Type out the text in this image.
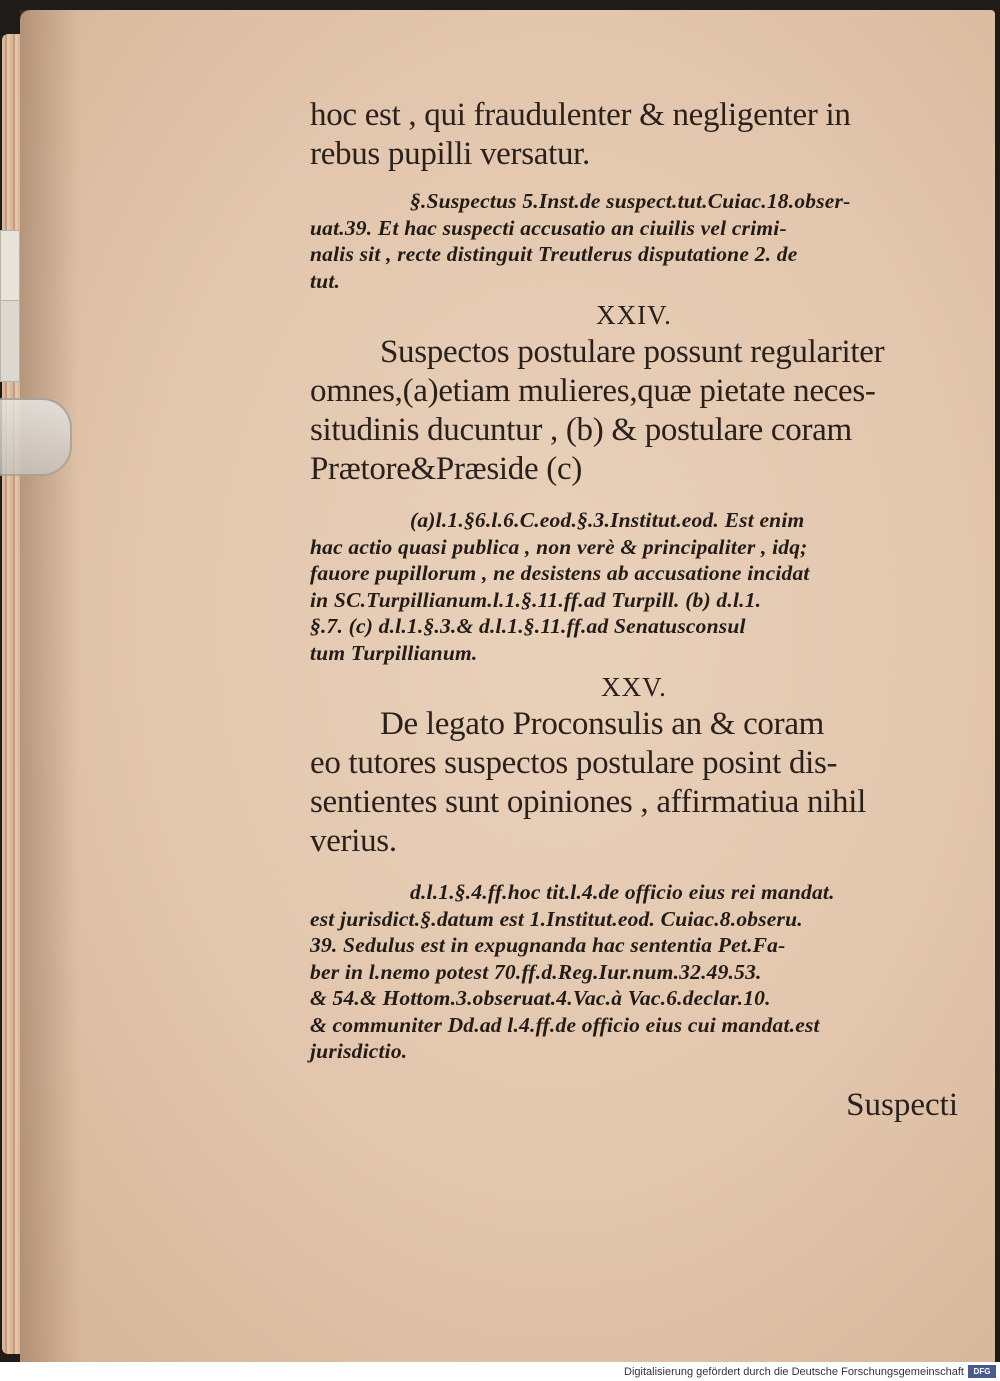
hoc est , qui fraudulenter & negligenter in
rebus pupilli versatur.

§.Suspectus 5.Inst.de suspect.tut.Cuiac.18.obser-
uat.39. Et hac suspecti accusatio an ciuilis vel crimi-
nalis sit , recte distinguit Treutlerus disputatione 2. de
tut.

XXIV.

Suspectos postulare possunt regulariter
omnes,(a)etiam mulieres,quæ pietate neces-
situdinis ducuntur , (b) & postulare coram
Prætore&Præside (c)

(a)l.1.§6.l.6.C.eod.§.3.Institut.eod. Est enim
hac actio quasi publica , non verè & principaliter , idq;
fauore pupillorum , ne desistens ab accusatione incidat
in SC.Turpillianum.l.1.§.11.ff.ad Turpill. (b) d.l.1.
§.7. (c) d.l.1.§.3.& d.l.1.§.11.ff.ad Senatusconsul
tum Turpillianum.

XXV.

De legato Proconsulis an & coram
eo tutores suspectos postulare posint dis-
sentientes sunt opiniones , affirmatiua nihil
verius.

d.l.1.§.4.ff.hoc tit.l.4.de officio eius rei mandat.
est jurisdict.§.datum est 1.Institut.eod. Cuiac.8.obseru.
39. Sedulus est in expugnanda hac sententia Pet.Fa-
ber in l.nemo potest 70.ff.d.Reg.Iur.num.32.49.53.
& 54.& Hottom.3.obseruat.4.Vac.à Vac.6.declar.10.
& communiter Dd.ad l.4.ff.de officio eius cui mandat.est
jurisdictio.

Suspecti

Digitalisierung gefördert durch die Deutsche Forschungsgemeinschaft	DFG
